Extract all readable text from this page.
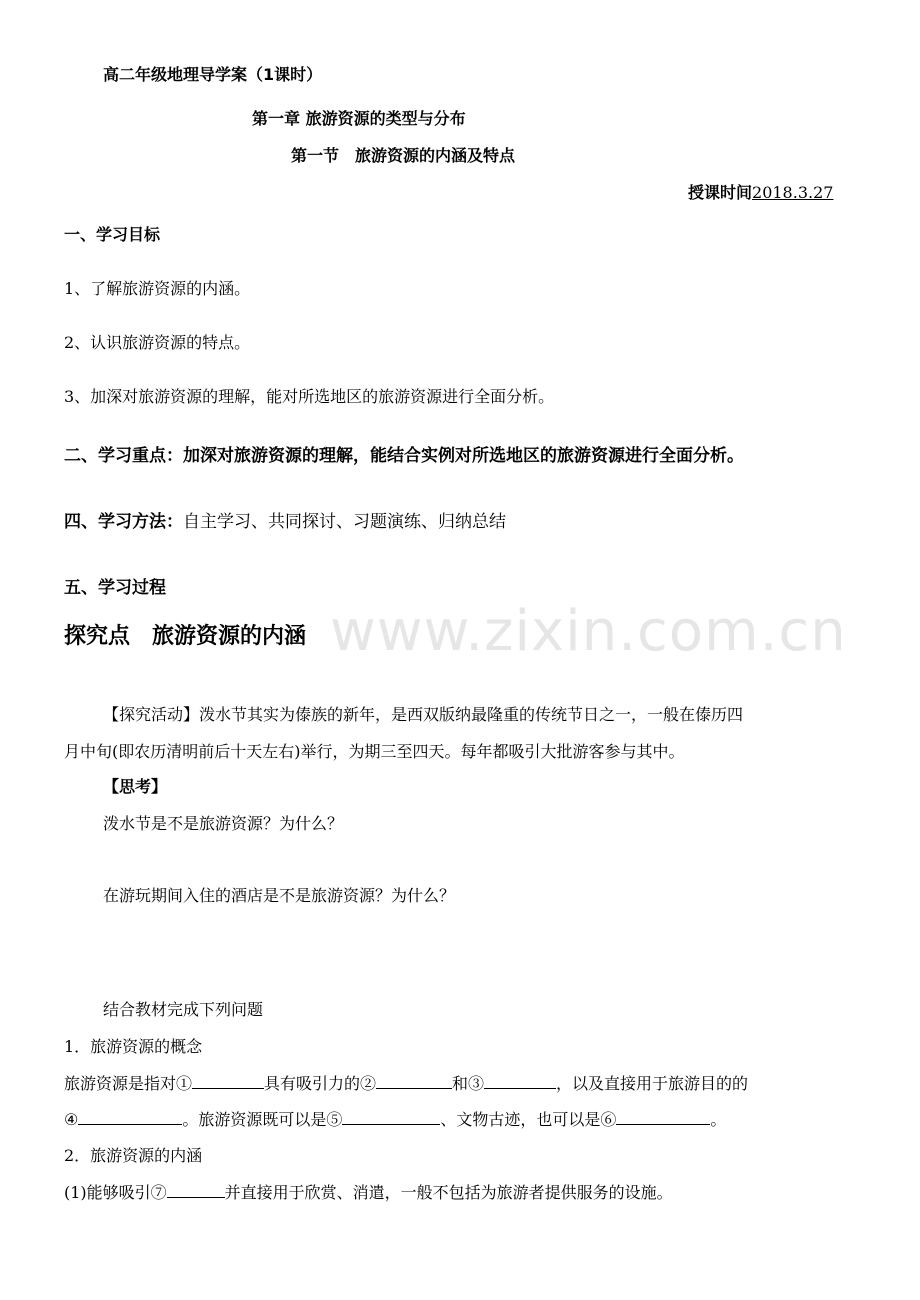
www.zixin.com.cn
高二年级地理导学案（1课时）
第一章 旅游资源的类型与分布
第一节　旅游资源的内涵及特点
授课时间2018.3.27
一、学习目标
1、了解旅游资源的内涵。
2、认识旅游资源的特点。
3、加深对旅游资源的理解，能对所选地区的旅游资源进行全面分析。
二、学习重点：加深对旅游资源的理解，能结合实例对所选地区的旅游资源进行全面分析。
四、学习方法：自主学习、共同探讨、习题演练、归纳总结
五、学习过程
探究点　旅游资源的内涵
【探究活动】泼水节其实为傣族的新年，是西双版纳最隆重的传统节日之一，一般在傣历四
月中旬(即农历清明前后十天左右)举行，为期三至四天。每年都吸引大批游客参与其中。
【思考】
泼水节是不是旅游资源？为什么？
在游玩期间入住的酒店是不是旅游资源？为什么？
结合教材完成下列问题
1．旅游资源的概念
旅游资源是指对①	具有吸引力的②	和③	，以及直接用于旅游目的的
④	。旅游资源既可以是⑤	、文物古迹，也可以是⑥	。
2．旅游资源的内涵
(1)能够吸引⑦	并直接用于欣赏、消遣，一般不包括为旅游者提供服务的设施。
